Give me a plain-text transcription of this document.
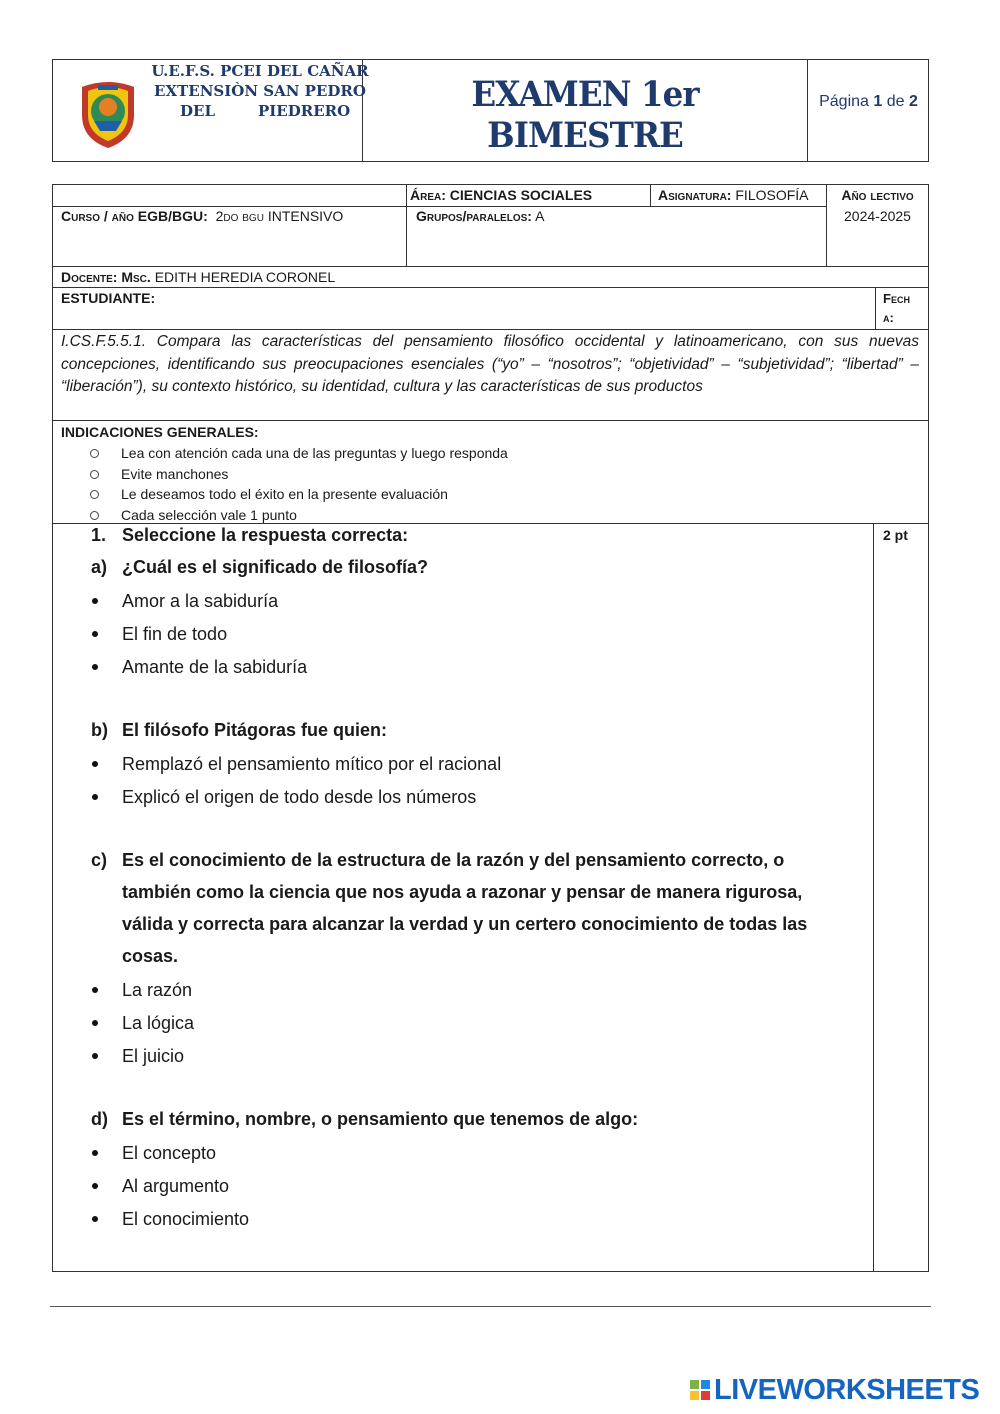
U.E.F.S. PCEI DEL CAÑAR
EXTENSIÒN SAN PEDRO
DEL	PIEDRERO	EXAMEN 1er BIMESTRE
Página 1 de 2
Área: CIENCIAS SOCIALES	Asignatura: FILOSOFÍA	Año lectivo
2024-2025
Curso / año EGB/BGU: 2do bgu INTENSIVO	Grupos/paralelos: A
Docente: Msc. EDITH HEREDIA CORONEL
ESTUDIANTE:	Fech
a:
I.CS.F.5.5.1. Compara las características del pensamiento filosófico occidental y latinoamericano, con sus nuevas concepciones, identificando sus preocupaciones esenciales (“yo” – “nosotros”; “objetividad” – “subjetividad”; “libertad” – “liberación”), su contexto histórico, su identidad, cultura y las características de sus productos
INDICACIONES GENERALES:
Lea con atención cada una de las preguntas y luego responda
Evite manchones
Le deseamos todo el éxito en la presente evaluación
Cada selección vale 1 punto
1. Seleccione la respuesta correcta:	2 pt
a) ¿Cuál es el significado de filosofía?
Amor a la sabiduría
El fin de todo
Amante de la sabiduría
b) El filósofo Pitágoras fue quien:
Remplazó el pensamiento mítico por el racional
Explicó el origen de todo desde los números
c) Es el conocimiento de la estructura de la razón y del pensamiento correcto, o
también como la ciencia que nos ayuda a razonar y pensar de manera rigurosa,
válida y correcta para alcanzar la verdad y un certero conocimiento de todas las
cosas.
La razón
La lógica
El juicio
d) Es el término, nombre, o pensamiento que tenemos de algo:
El concepto
Al argumento
El conocimiento
LIVEWORKSHEETS
